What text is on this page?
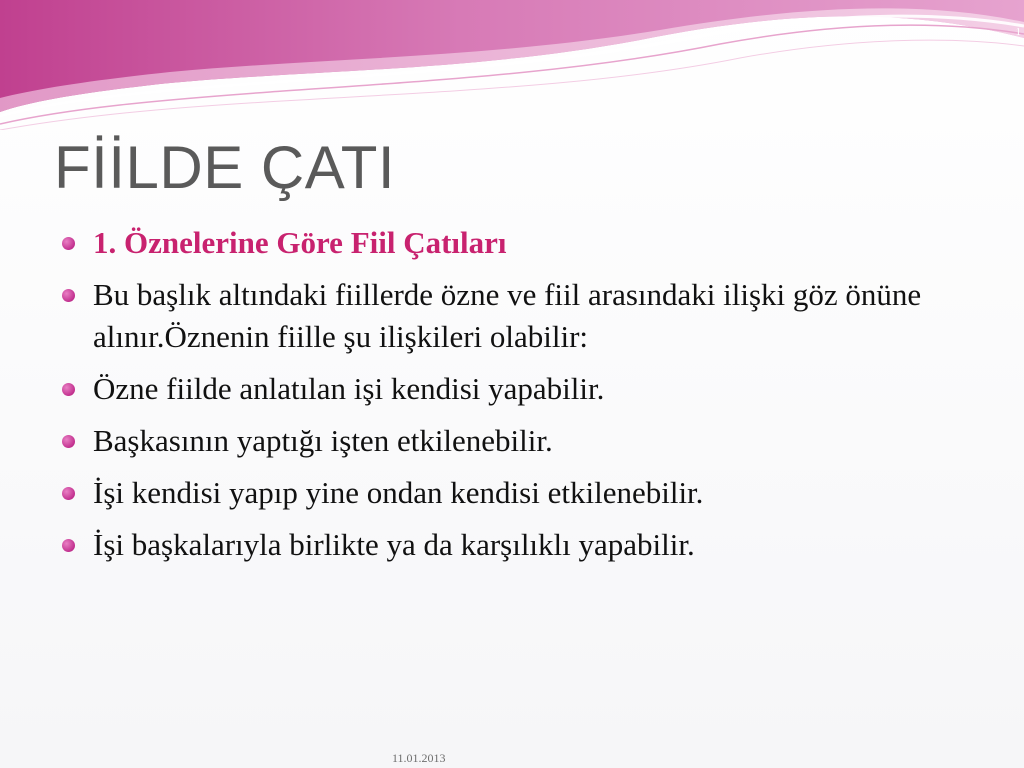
1
FİİLDE ÇATI
1. Öznelerine Göre Fiil Çatıları
Bu başlık altındaki fiillerde özne ve fiil arasındaki ilişki göz önüne alınır.Öznenin fiille şu ilişkileri olabilir:
Özne fiilde anlatılan işi kendisi yapabilir.
Başkasının yaptığı işten etkilenebilir.
İşi kendisi yapıp yine ondan kendisi etkilenebilir.
İşi başkalarıyla birlikte ya da karşılıklı yapabilir.
11.01.2013
